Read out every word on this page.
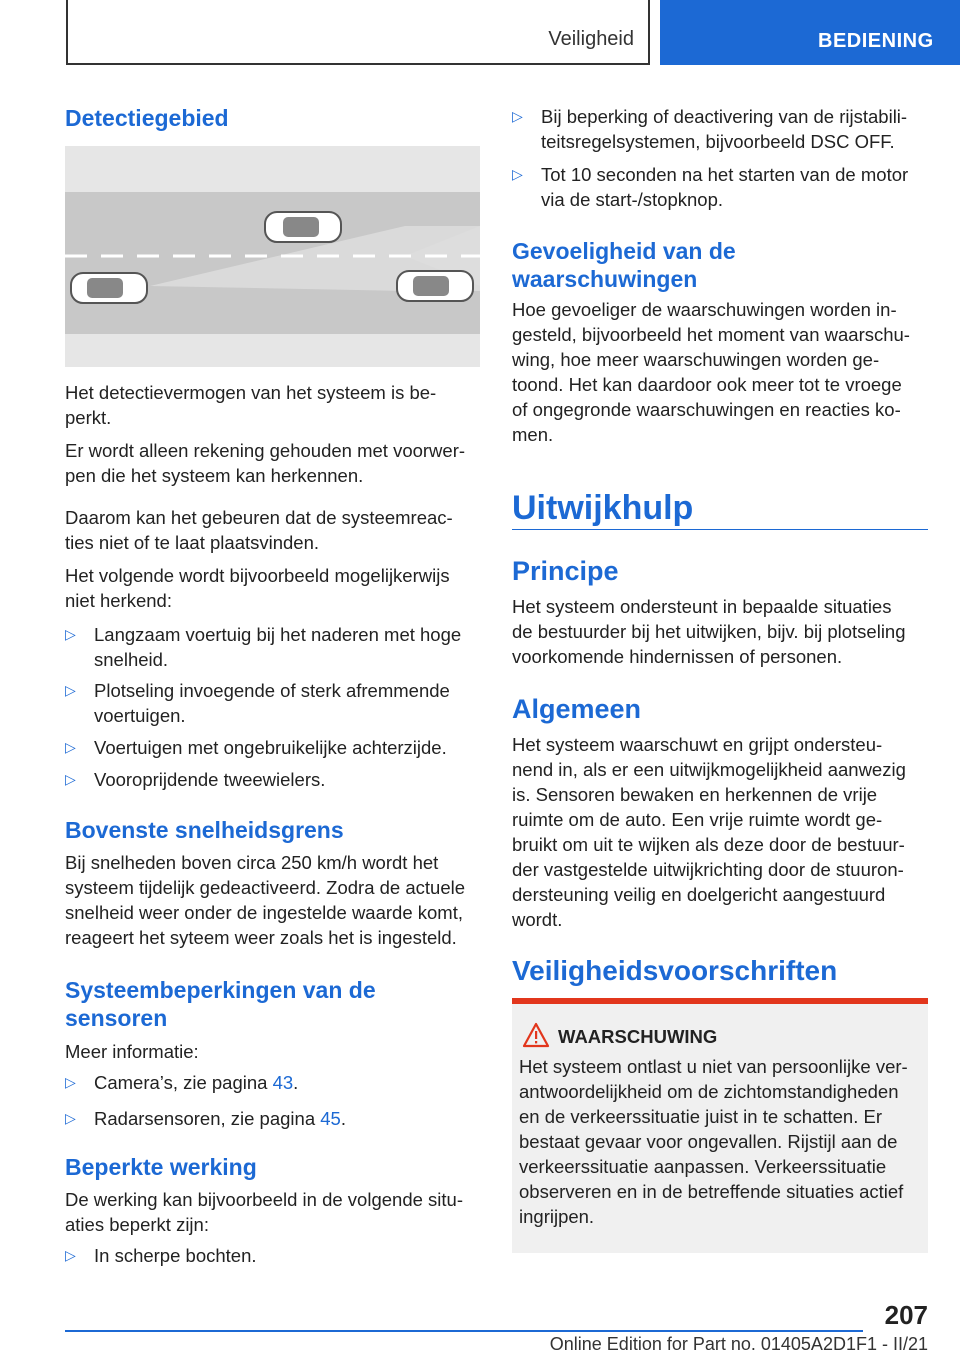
Veiligheid	BEDIENING
Detectiegebied
Het detectievermogen van het systeem is be-
perkt.
Er wordt alleen rekening gehouden met voorwer-
pen die het systeem kan herkennen.
Daarom kan het gebeuren dat de systeemreac-
ties niet of te laat plaatsvinden.
Het volgende wordt bijvoorbeeld mogelijkerwijs
niet herkend:
▷ Langzaam voertuig bij het naderen met hoge
snelheid.
▷ Plotseling invoegende of sterk afremmende
voertuigen.
▷ Voertuigen met ongebruikelijke achterzijde.
▷ Vooroprijdende tweewielers.
Bovenste snelheidsgrens
Bij snelheden boven circa 250 km/h wordt het
systeem tijdelijk gedeactiveerd. Zodra de actuele
snelheid weer onder de ingestelde waarde komt,
reageert het syteem weer zoals het is ingesteld.
Systeembeperkingen van de
sensoren
Meer informatie:
▷ Camera’s, zie pagina 43.
▷ Radarsensoren, zie pagina 45.
Beperkte werking
De werking kan bijvoorbeeld in de volgende situ-
aties beperkt zijn:
▷ In scherpe bochten.
▷ Bij beperking of deactivering van de rijstabili-
teitsregelsystemen, bijvoorbeeld DSC OFF.
▷ Tot 10 seconden na het starten van de motor
via de start-/stopknop.
Gevoeligheid van de
waarschuwingen
Hoe gevoeliger de waarschuwingen worden in-
gesteld, bijvoorbeeld het moment van waarschu-
wing, hoe meer waarschuwingen worden ge-
toond. Het kan daardoor ook meer tot te vroege
of ongegronde waarschuwingen en reacties ko-
men.
Uitwijkhulp
Principe
Het systeem ondersteunt in bepaalde situaties
de bestuurder bij het uitwijken, bijv. bij plotseling
voorkomende hindernissen of personen.
Algemeen
Het systeem waarschuwt en grijpt ondersteu-
nend in, als er een uitwijkmogelijkheid aanwezig
is. Sensoren bewaken en herkennen de vrije
ruimte om de auto. Een vrije ruimte wordt ge-
bruikt om uit te wijken als deze door de bestuur-
der vastgestelde uitwijkrichting door de stuuron-
dersteuning veilig en doelgericht aangestuurd
wordt.
Veiligheidsvoorschriften
WAARSCHUWING
Het systeem ontlast u niet van persoonlijke ver-
antwoordelijkheid om de zichtomstandigheden
en de verkeerssituatie juist in te schatten. Er
bestaat gevaar voor ongevallen. Rijstijl aan de
verkeerssituatie aanpassen. Verkeerssituatie
observeren en in de betreffende situaties actief
ingrijpen.
207
Online Edition for Part no. 01405A2D1F1 - II/21
